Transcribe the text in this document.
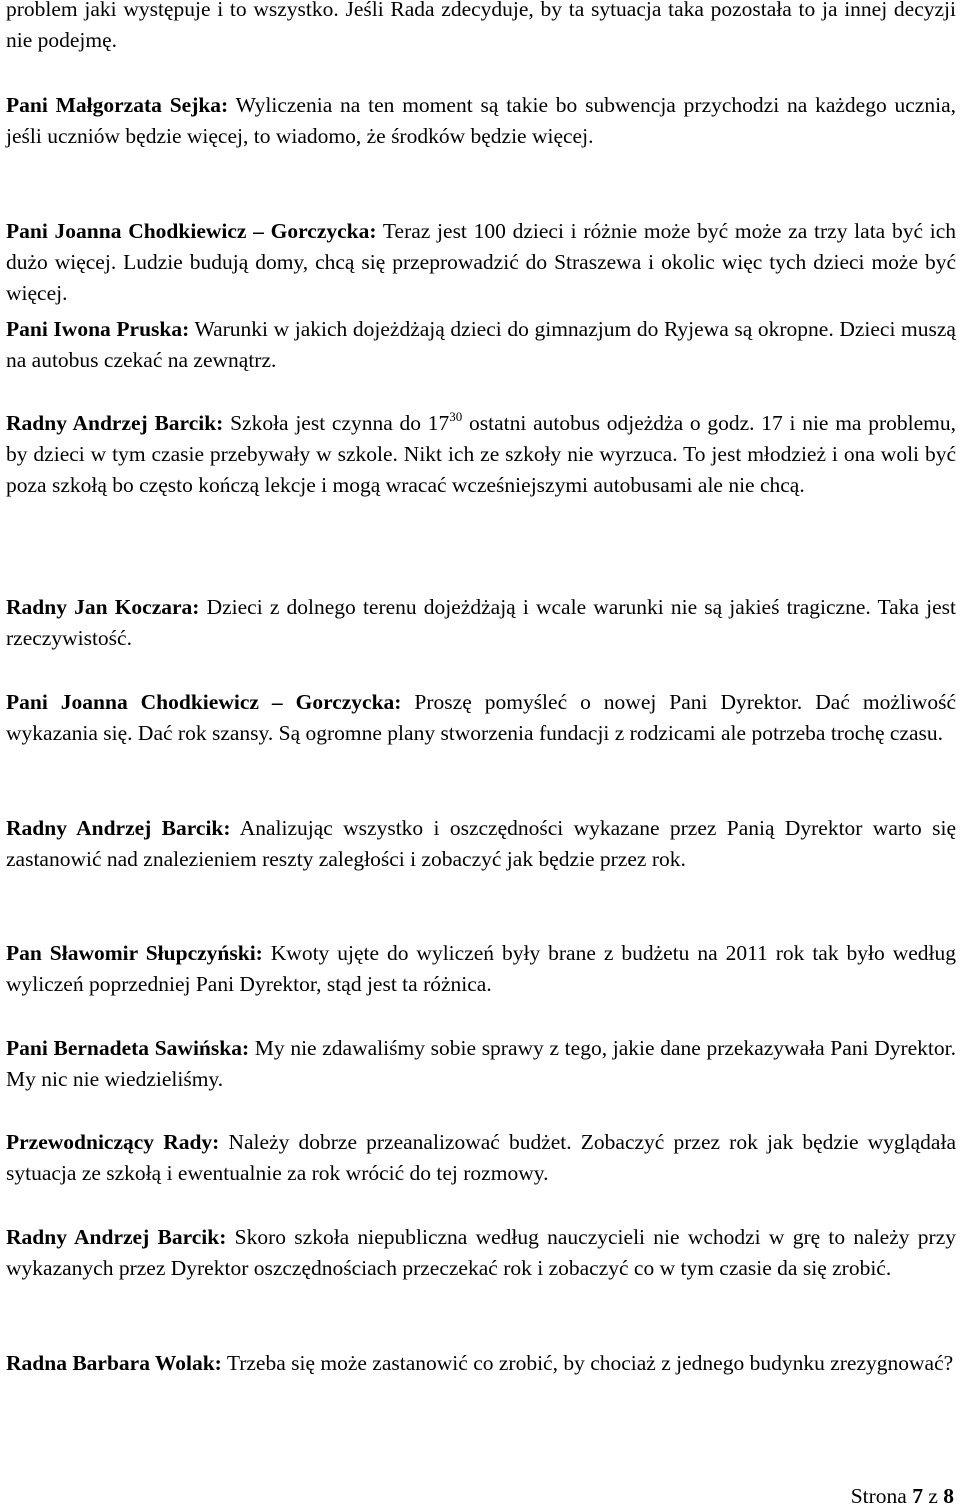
problem jaki występuje i to wszystko. Jeśli Rada zdecyduje, by ta sytuacja taka pozostała to ja innej decyzji nie podejmę.

Pani Małgorzata Sejka: Wyliczenia na ten moment są takie bo subwencja przychodzi na każdego ucznia, jeśli uczniów będzie więcej, to wiadomo, że środków będzie więcej.

Pani Joanna Chodkiewicz – Gorczycka: Teraz jest 100 dzieci i różnie może być może za trzy lata być ich dużo więcej. Ludzie budują domy, chcą się przeprowadzić do Straszewa i okolic więc tych dzieci może być więcej.

Pani Iwona Pruska: Warunki w jakich dojeżdżają dzieci do gimnazjum do Ryjewa są okropne. Dzieci muszą na autobus czekać na zewnątrz.

Radny Andrzej Barcik: Szkoła jest czynna do $17^{30}$ ostatni autobus odjeżdża o godz. 17 i nie ma problemu, by dzieci w tym czasie przebywały w szkole. Nikt ich ze szkoły nie wyrzuca. To jest młodzież i ona woli być poza szkołą bo często kończą lekcje i mogą wracać wcześniejszymi autobusami ale nie chcą.

Radny Jan Koczara: Dzieci z dolnego terenu dojeżdżają i wcale warunki nie są jakieś tragiczne. Taka jest rzeczywistość.

Pani Joanna Chodkiewicz – Gorczycka: Proszę pomyśleć o nowej Pani Dyrektor. Dać możliwość wykazania się. Dać rok szansy. Są ogromne plany stworzenia fundacji z rodzicami ale potrzeba trochę czasu.

Radny Andrzej Barcik: Analizując wszystko i oszczędności wykazane przez Panią Dyrektor warto się zastanowić nad znalezieniem reszty zaległości i zobaczyć jak będzie przez rok.

Pan Sławomir Słupczyński: Kwoty ujęte do wyliczeń były brane z budżetu na 2011 rok tak było według wyliczeń poprzedniej Pani Dyrektor, stąd jest ta różnica.

Pani Bernadeta Sawińska: My nie zdawaliśmy sobie sprawy z tego, jakie dane przekazywała Pani Dyrektor. My nic nie wiedzieliśmy.

Przewodniczący Rady: Należy dobrze przeanalizować budżet. Zobaczyć przez rok jak będzie wyglądała sytuacja ze szkołą i ewentualnie za rok wrócić do tej rozmowy.

Radny Andrzej Barcik: Skoro szkoła niepubliczna według nauczycieli nie wchodzi w grę to należy przy wykazanych przez Dyrektor oszczędnościach przeczekać rok i zobaczyć co w tym czasie da się zrobić.

Radna Barbara Wolak: Trzeba się może zastanowić co zrobić, by chociaż z jednego budynku zrezygnować?

Strona 7 z 8
